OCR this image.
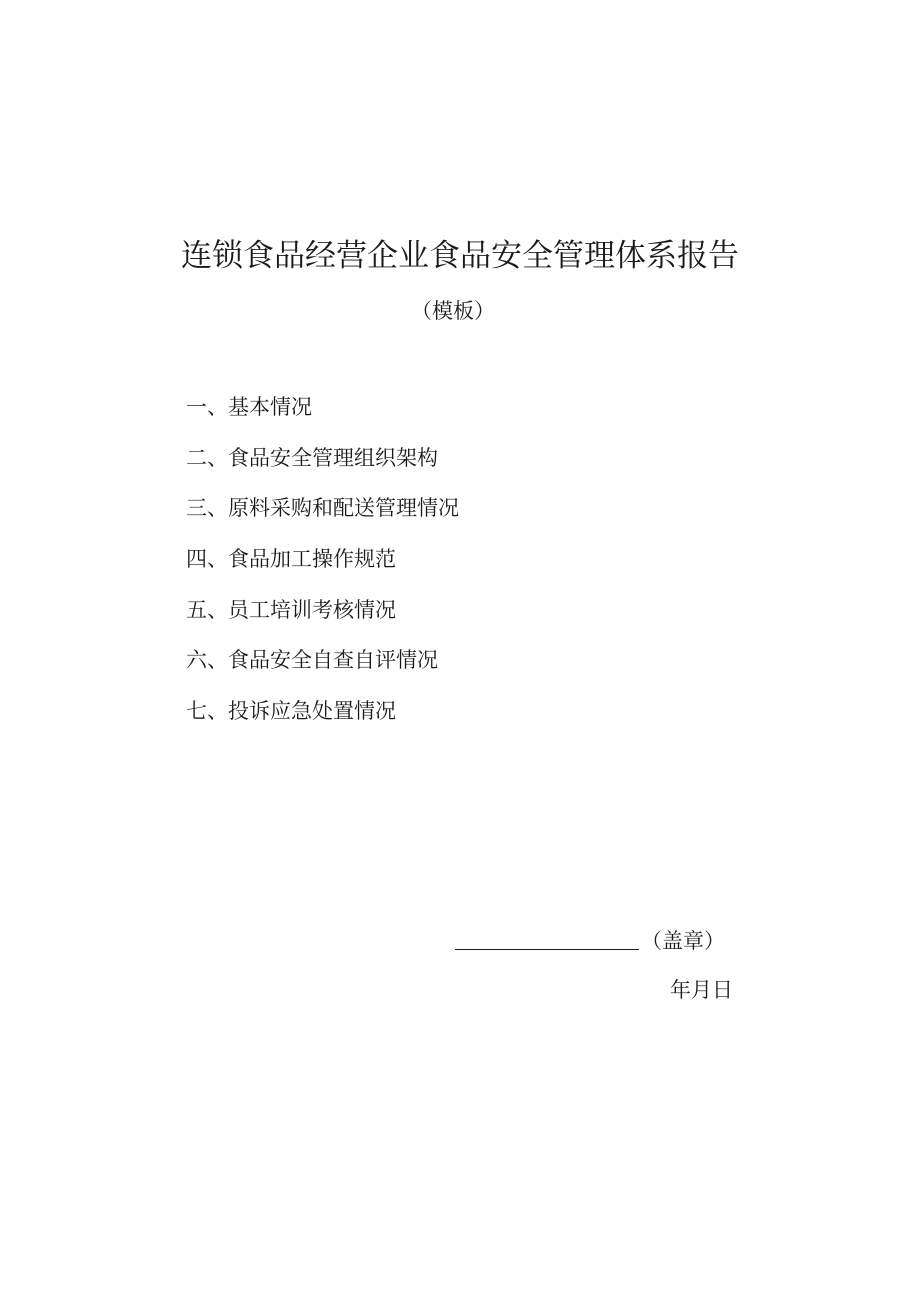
连锁食品经营企业食品安全管理体系报告
（模板）
一、基本情况
二、食品安全管理组织架构
三、原料采购和配送管理情况
四、食品加工操作规范
五、员工培训考核情况
六、食品安全自查自评情况
七、投诉应急处置情况
（盖章）
年月日
